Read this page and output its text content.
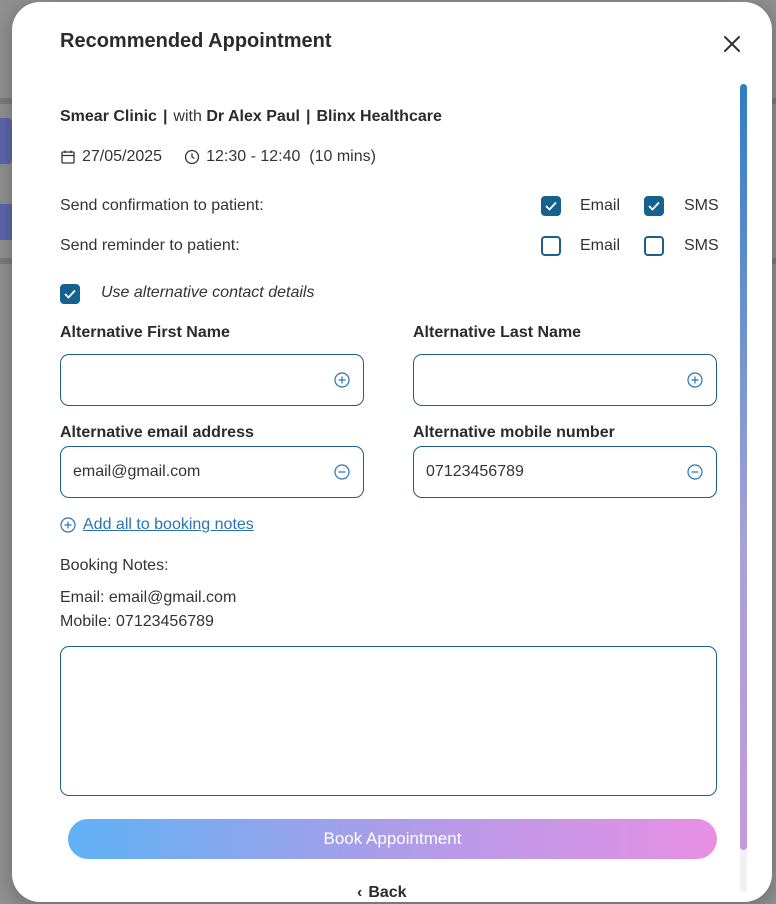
Recommended Appointment
Smear Clinic | with Dr Alex Paul | Blinx Healthcare
27/05/2025	12:30 - 12:40
(10 mins)
Send confirmation to patient:	Email	SMS
Send reminder to patient:	Email	SMS
Use alternative contact details
Alternative First Name	Alternative Last Name
Alternative email address
email@gmail.com
Alternative mobile number
07123456789
Add all to booking notes
Booking Notes:
Email: email@gmail.com
Mobile: 07123456789
Book Appointment
‹ Back
